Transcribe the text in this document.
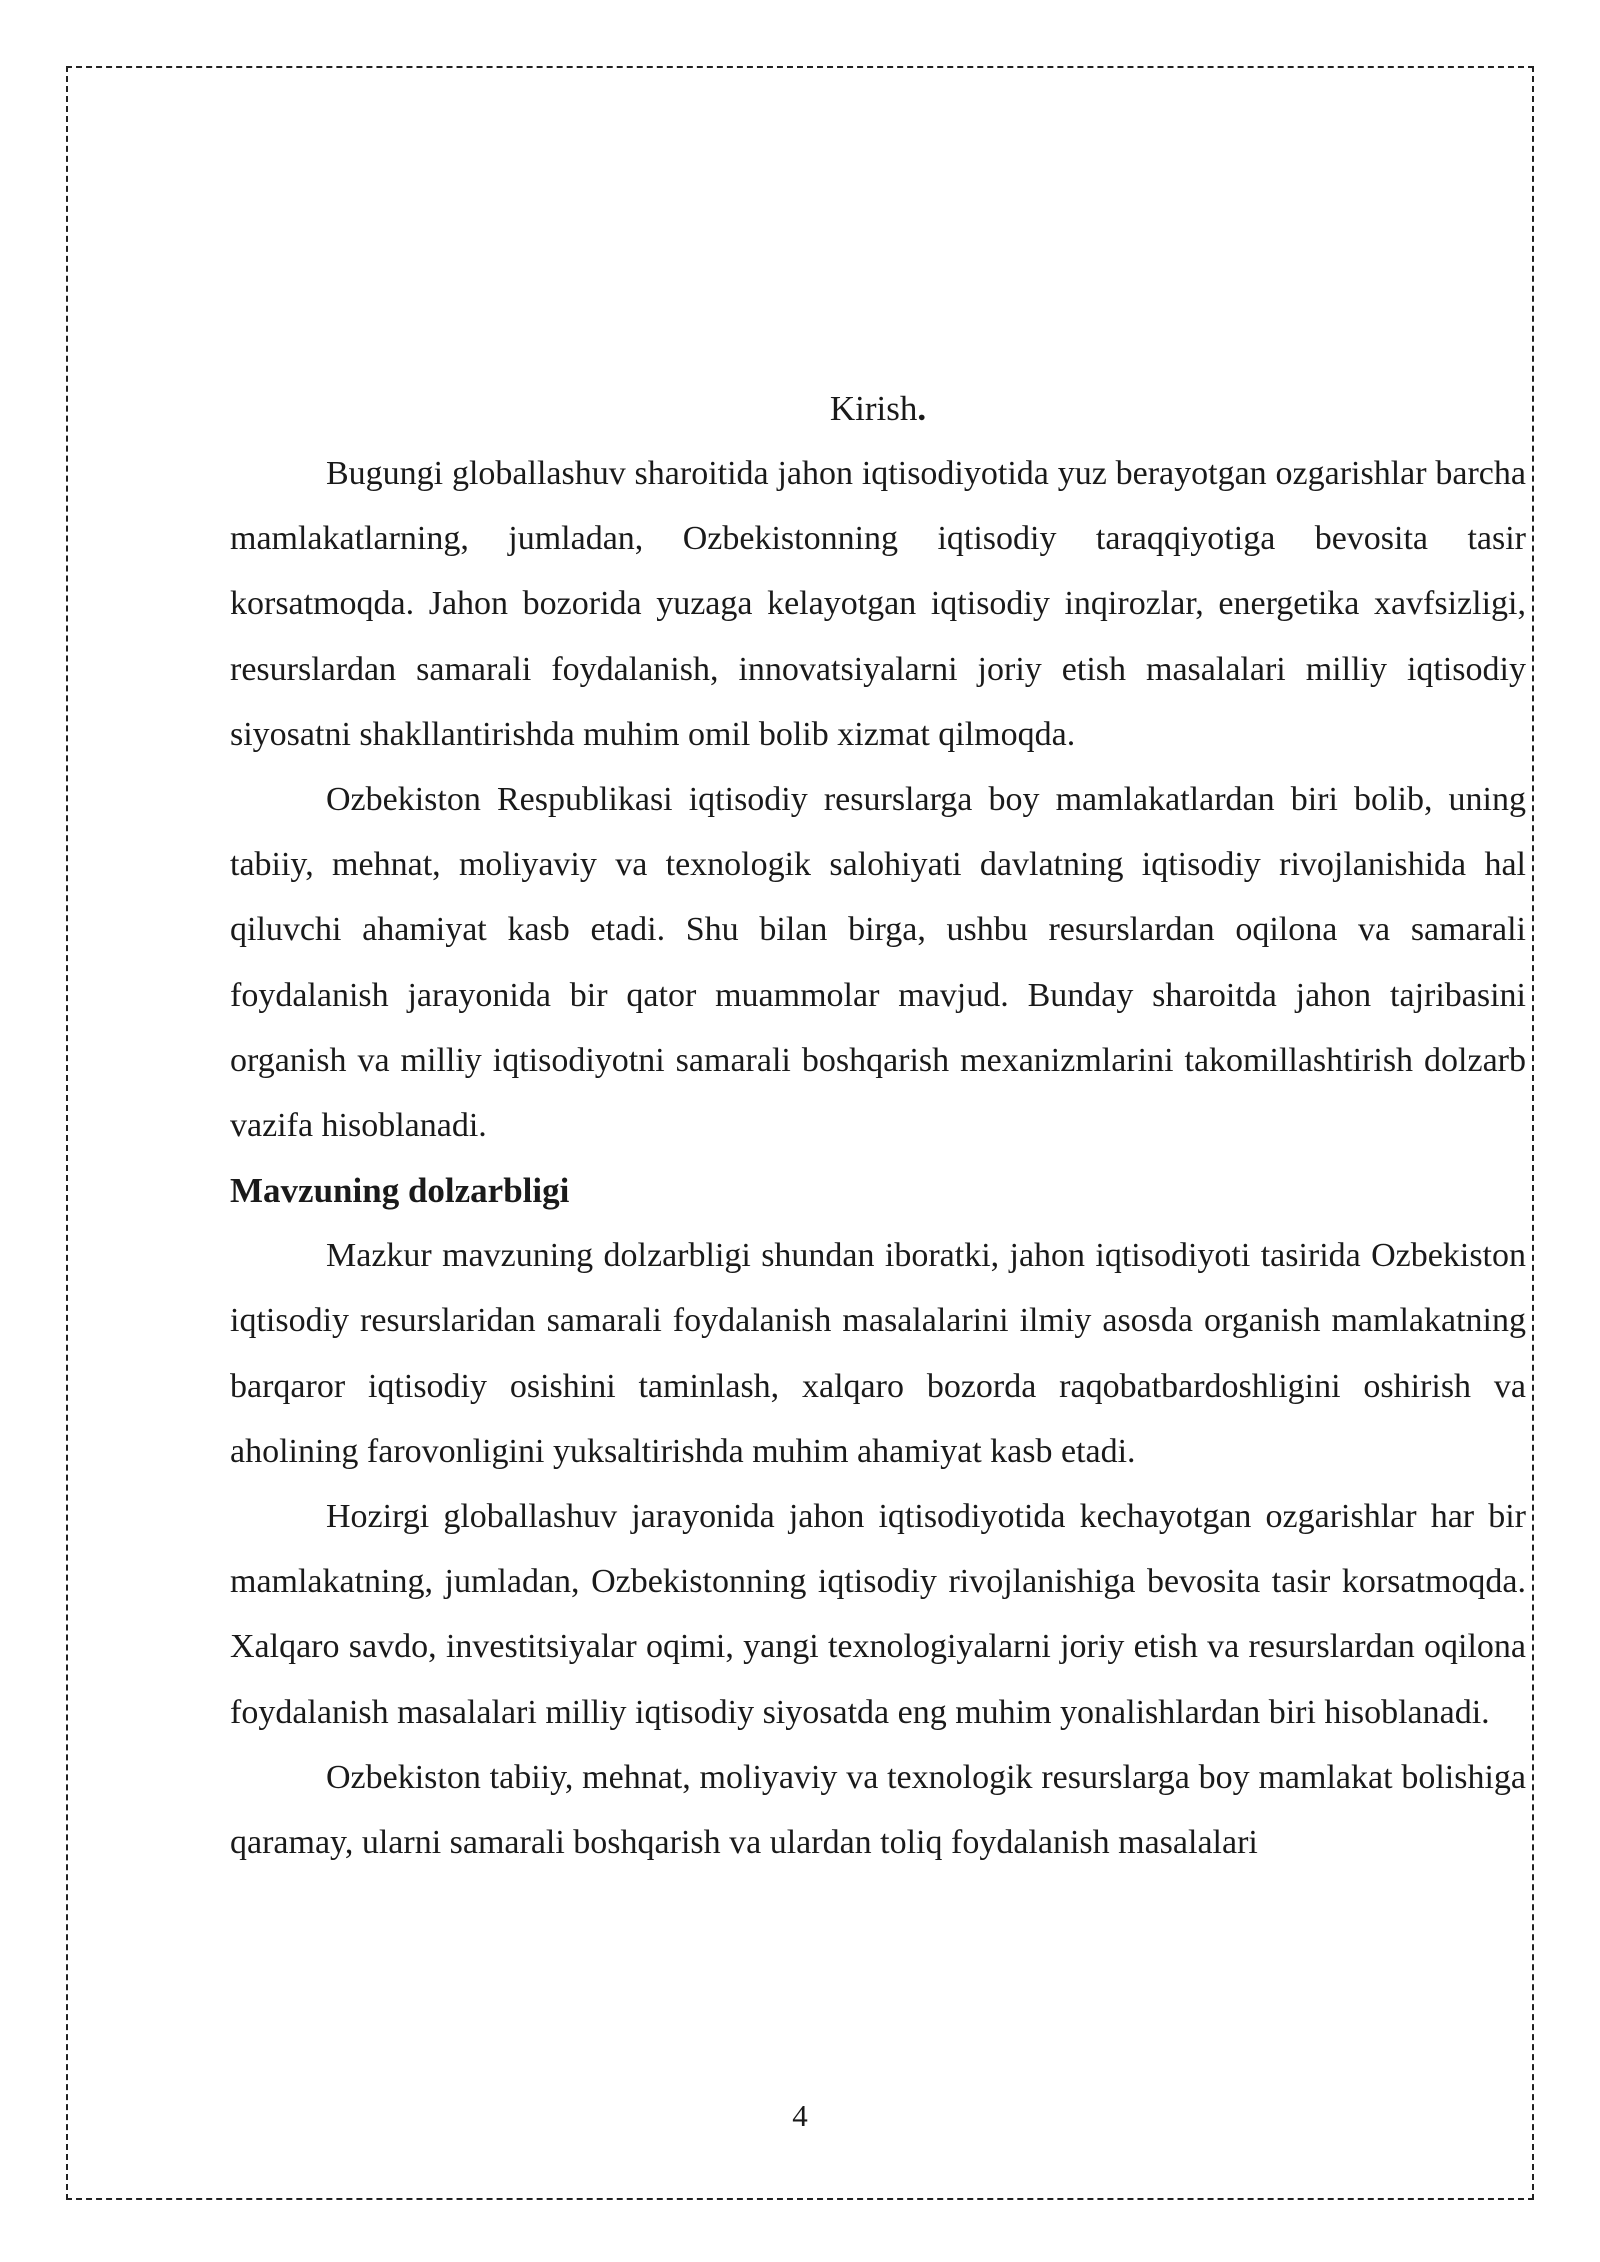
Kirish.

Bugungi globallashuv sharoitida jahon iqtisodiyotida yuz berayotgan ozgarishlar barcha mamlakatlarning, jumladan, Ozbekistonning iqtisodiy taraqqiyotiga bevosita tasir korsatmoqda. Jahon bozorida yuzaga kelayotgan iqtisodiy inqirozlar, energetika xavfsizligi, resurslardan samarali foydalanish, innovatsiyalarni joriy etish masalalari milliy iqtisodiy siyosatni shakllantirishda muhim omil bolib xizmat qilmoqda.

Ozbekiston Respublikasi iqtisodiy resurslarga boy mamlakatlardan biri bolib, uning tabiiy, mehnat, moliyaviy va texnologik salohiyati davlatning iqtisodiy rivojlanishida hal qiluvchi ahamiyat kasb etadi. Shu bilan birga, ushbu resurslardan oqilona va samarali foydalanish jarayonida bir qator muammolar mavjud. Bunday sharoitda jahon tajribasini organish va milliy iqtisodiyotni samarali boshqarish mexanizmlarini takomillashtirish dolzarb vazifa hisoblanadi.

Mavzuning dolzarbligi

Mazkur mavzuning dolzarbligi shundan iboratki, jahon iqtisodiyoti tasirida Ozbekiston iqtisodiy resurslaridan samarali foydalanish masalalarini ilmiy asosda organish mamlakatning barqaror iqtisodiy osishini taminlash, xalqaro bozorda raqobatbardoshligini oshirish va aholining farovonligini yuksaltirishda muhim ahamiyat kasb etadi.

Hozirgi globallashuv jarayonida jahon iqtisodiyotida kechayotgan ozgarishlar har bir mamlakatning, jumladan, Ozbekistonning iqtisodiy rivojlanishiga bevosita tasir korsatmoqda. Xalqaro savdo, investitsiyalar oqimi, yangi texnologiyalarni joriy etish va resurslardan oqilona foydalanish masalalari milliy iqtisodiy siyosatda eng muhim yonalishlardan biri hisoblanadi.

Ozbekiston tabiiy, mehnat, moliyaviy va texnologik resurslarga boy mamlakat bolishiga qaramay, ularni samarali boshqarish va ulardan toliq foydalanish masalalari

4
